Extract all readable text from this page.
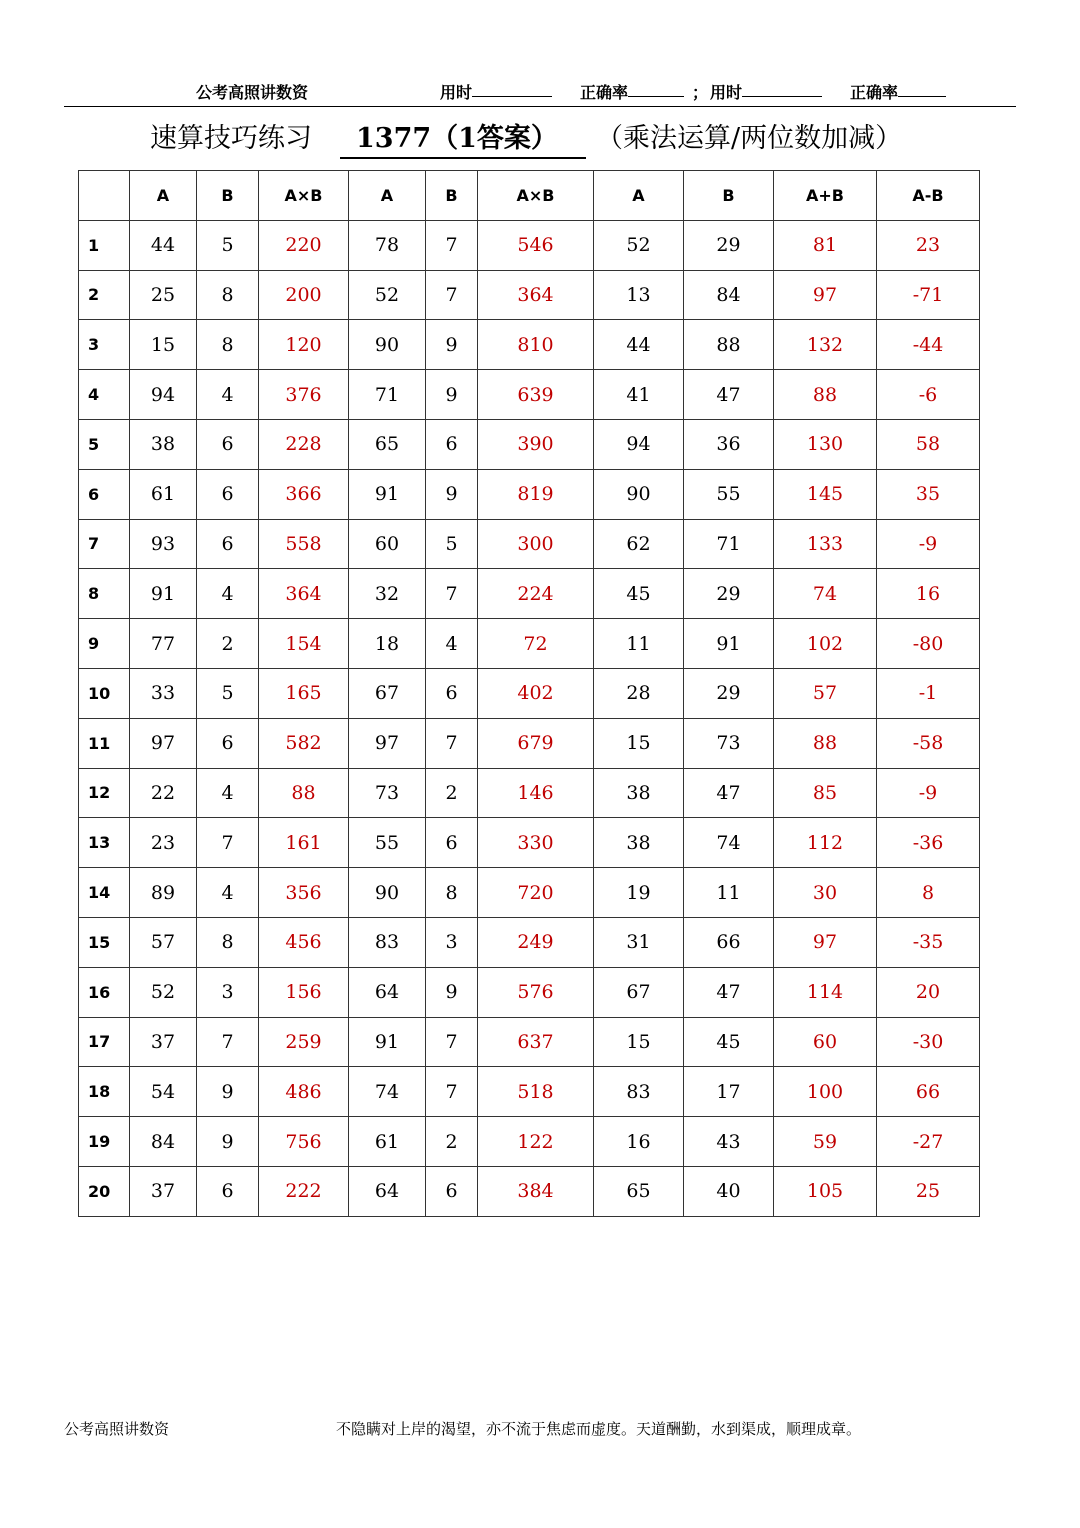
公考高照讲数资	用时	正确率	； 用时	正确率
速算技巧练习	1377（1答案）	（乘法运算/两位数加减）
	A	B	A×B	A	B	A×B	A	B	A+B	A-B
1	44	5	220	78	7	546	52	29	81	23
2	25	8	200	52	7	364	13	84	97	-71
3	15	8	120	90	9	810	44	88	132	-44
4	94	4	376	71	9	639	41	47	88	-6
5	38	6	228	65	6	390	94	36	130	58
6	61	6	366	91	9	819	90	55	145	35
7	93	6	558	60	5	300	62	71	133	-9
8	91	4	364	32	7	224	45	29	74	16
9	77	2	154	18	4	72	11	91	102	-80
10	33	5	165	67	6	402	28	29	57	-1
11	97	6	582	97	7	679	15	73	88	-58
12	22	4	88	73	2	146	38	47	85	-9
13	23	7	161	55	6	330	38	74	112	-36
14	89	4	356	90	8	720	19	11	30	8
15	57	8	456	83	3	249	31	66	97	-35
16	52	3	156	64	9	576	67	47	114	20
17	37	7	259	91	7	637	15	45	60	-30
18	54	9	486	74	7	518	83	17	100	66
19	84	9	756	61	2	122	16	43	59	-27
20	37	6	222	64	6	384	65	40	105	25
公考高照讲数资	不隐瞒对上岸的渴望，亦不流于焦虑而虚度。天道酬勤，水到渠成，顺理成章。
